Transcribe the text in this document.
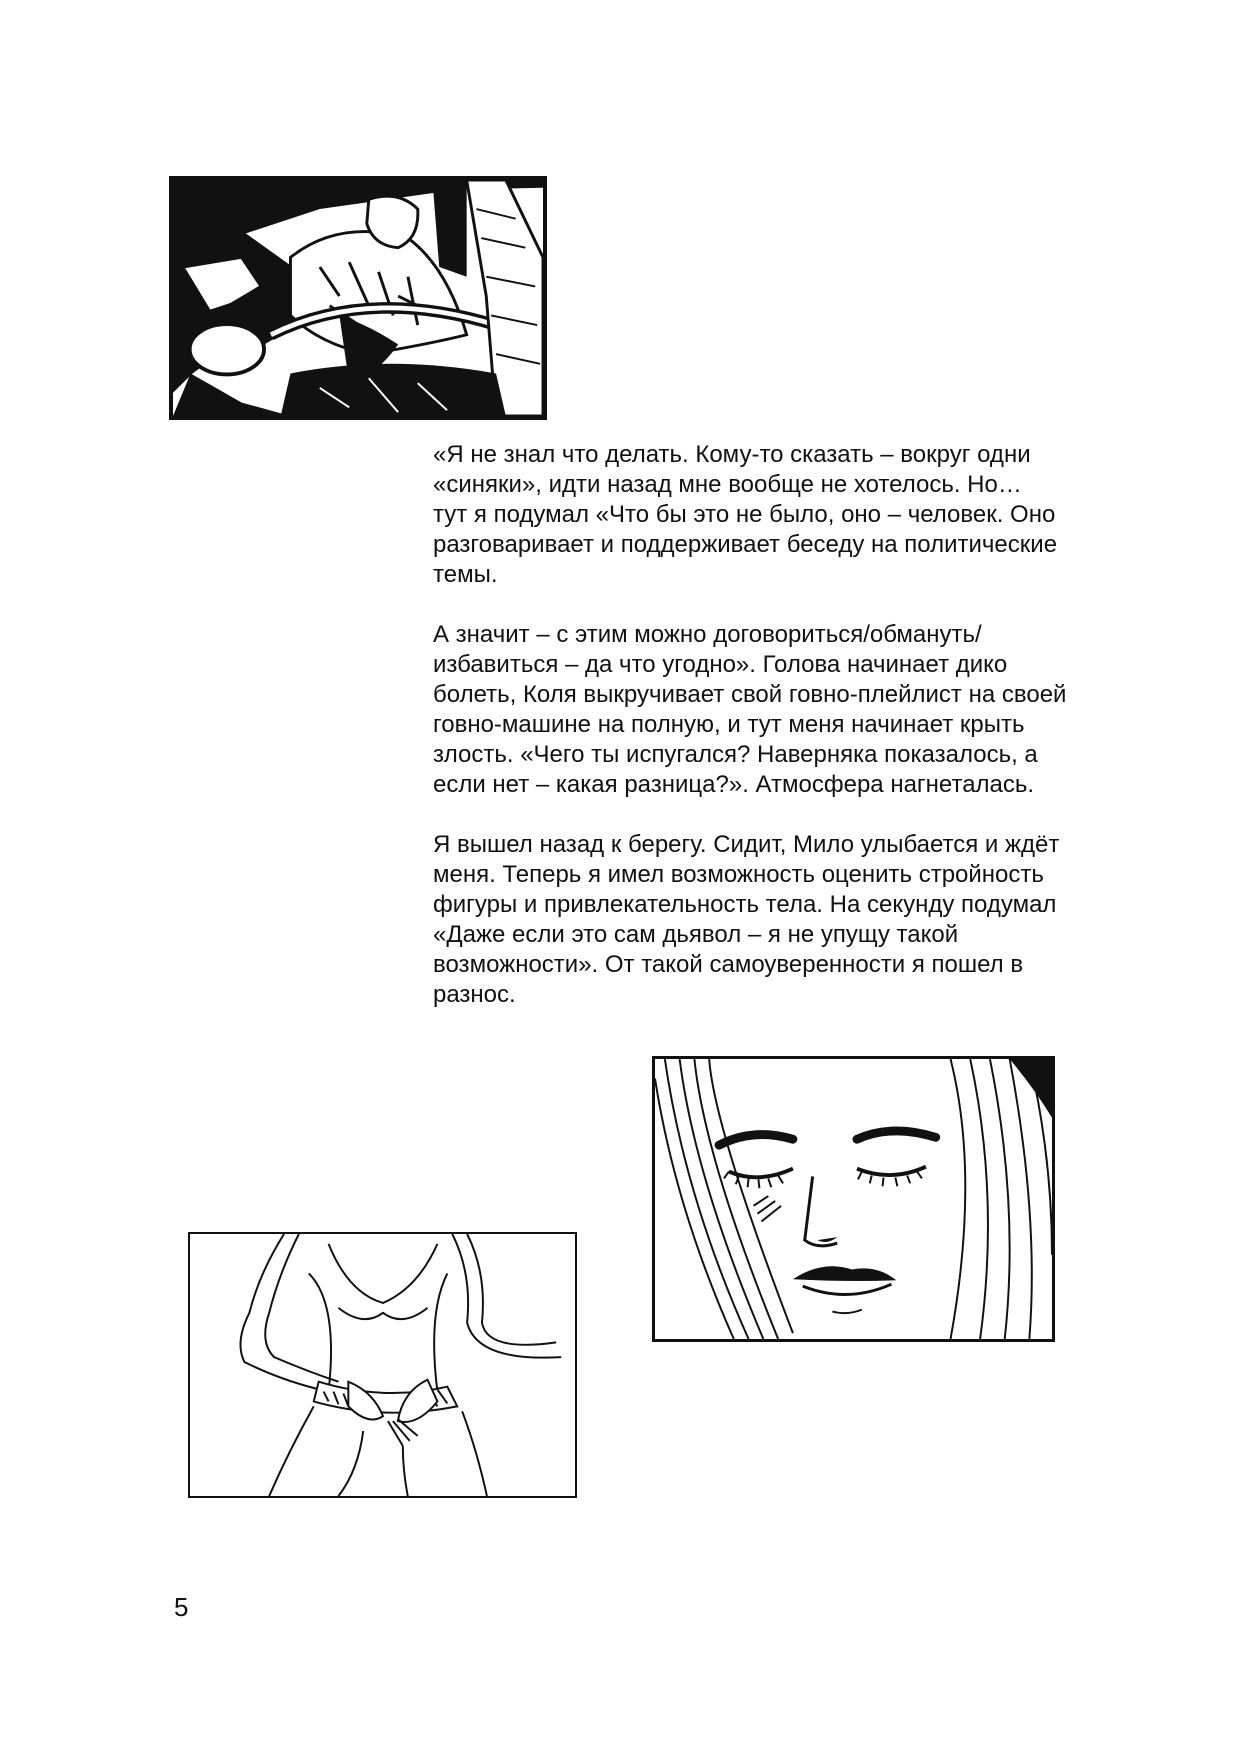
«Я не знал что делать. Кому-то сказать – вокруг одни
«синяки», идти назад мне вообще не хотелось. Но…
тут я подумал «Что бы это не было, оно – человек. Оно
разговаривает и поддерживает беседу на политические
темы.

А значит – с этим можно договориться/обмануть/
избавиться – да что угодно». Голова начинает дико
болеть, Коля выкручивает свой говно-плейлист на своей
говно-машине на полную, и тут меня начинает крыть
злость. «Чего ты испугался? Наверняка показалось, а
если нет – какая разница?». Атмосфера нагнеталась.

Я вышел назад к берегу. Сидит, Мило улыбается и ждёт
меня. Теперь я имел возможность оценить стройность
фигуры и привлекательность тела. На секунду подумал
«Даже если это сам дьявол – я не упущу такой
возможности». От такой самоуверенности я пошел в
разнос.

5
